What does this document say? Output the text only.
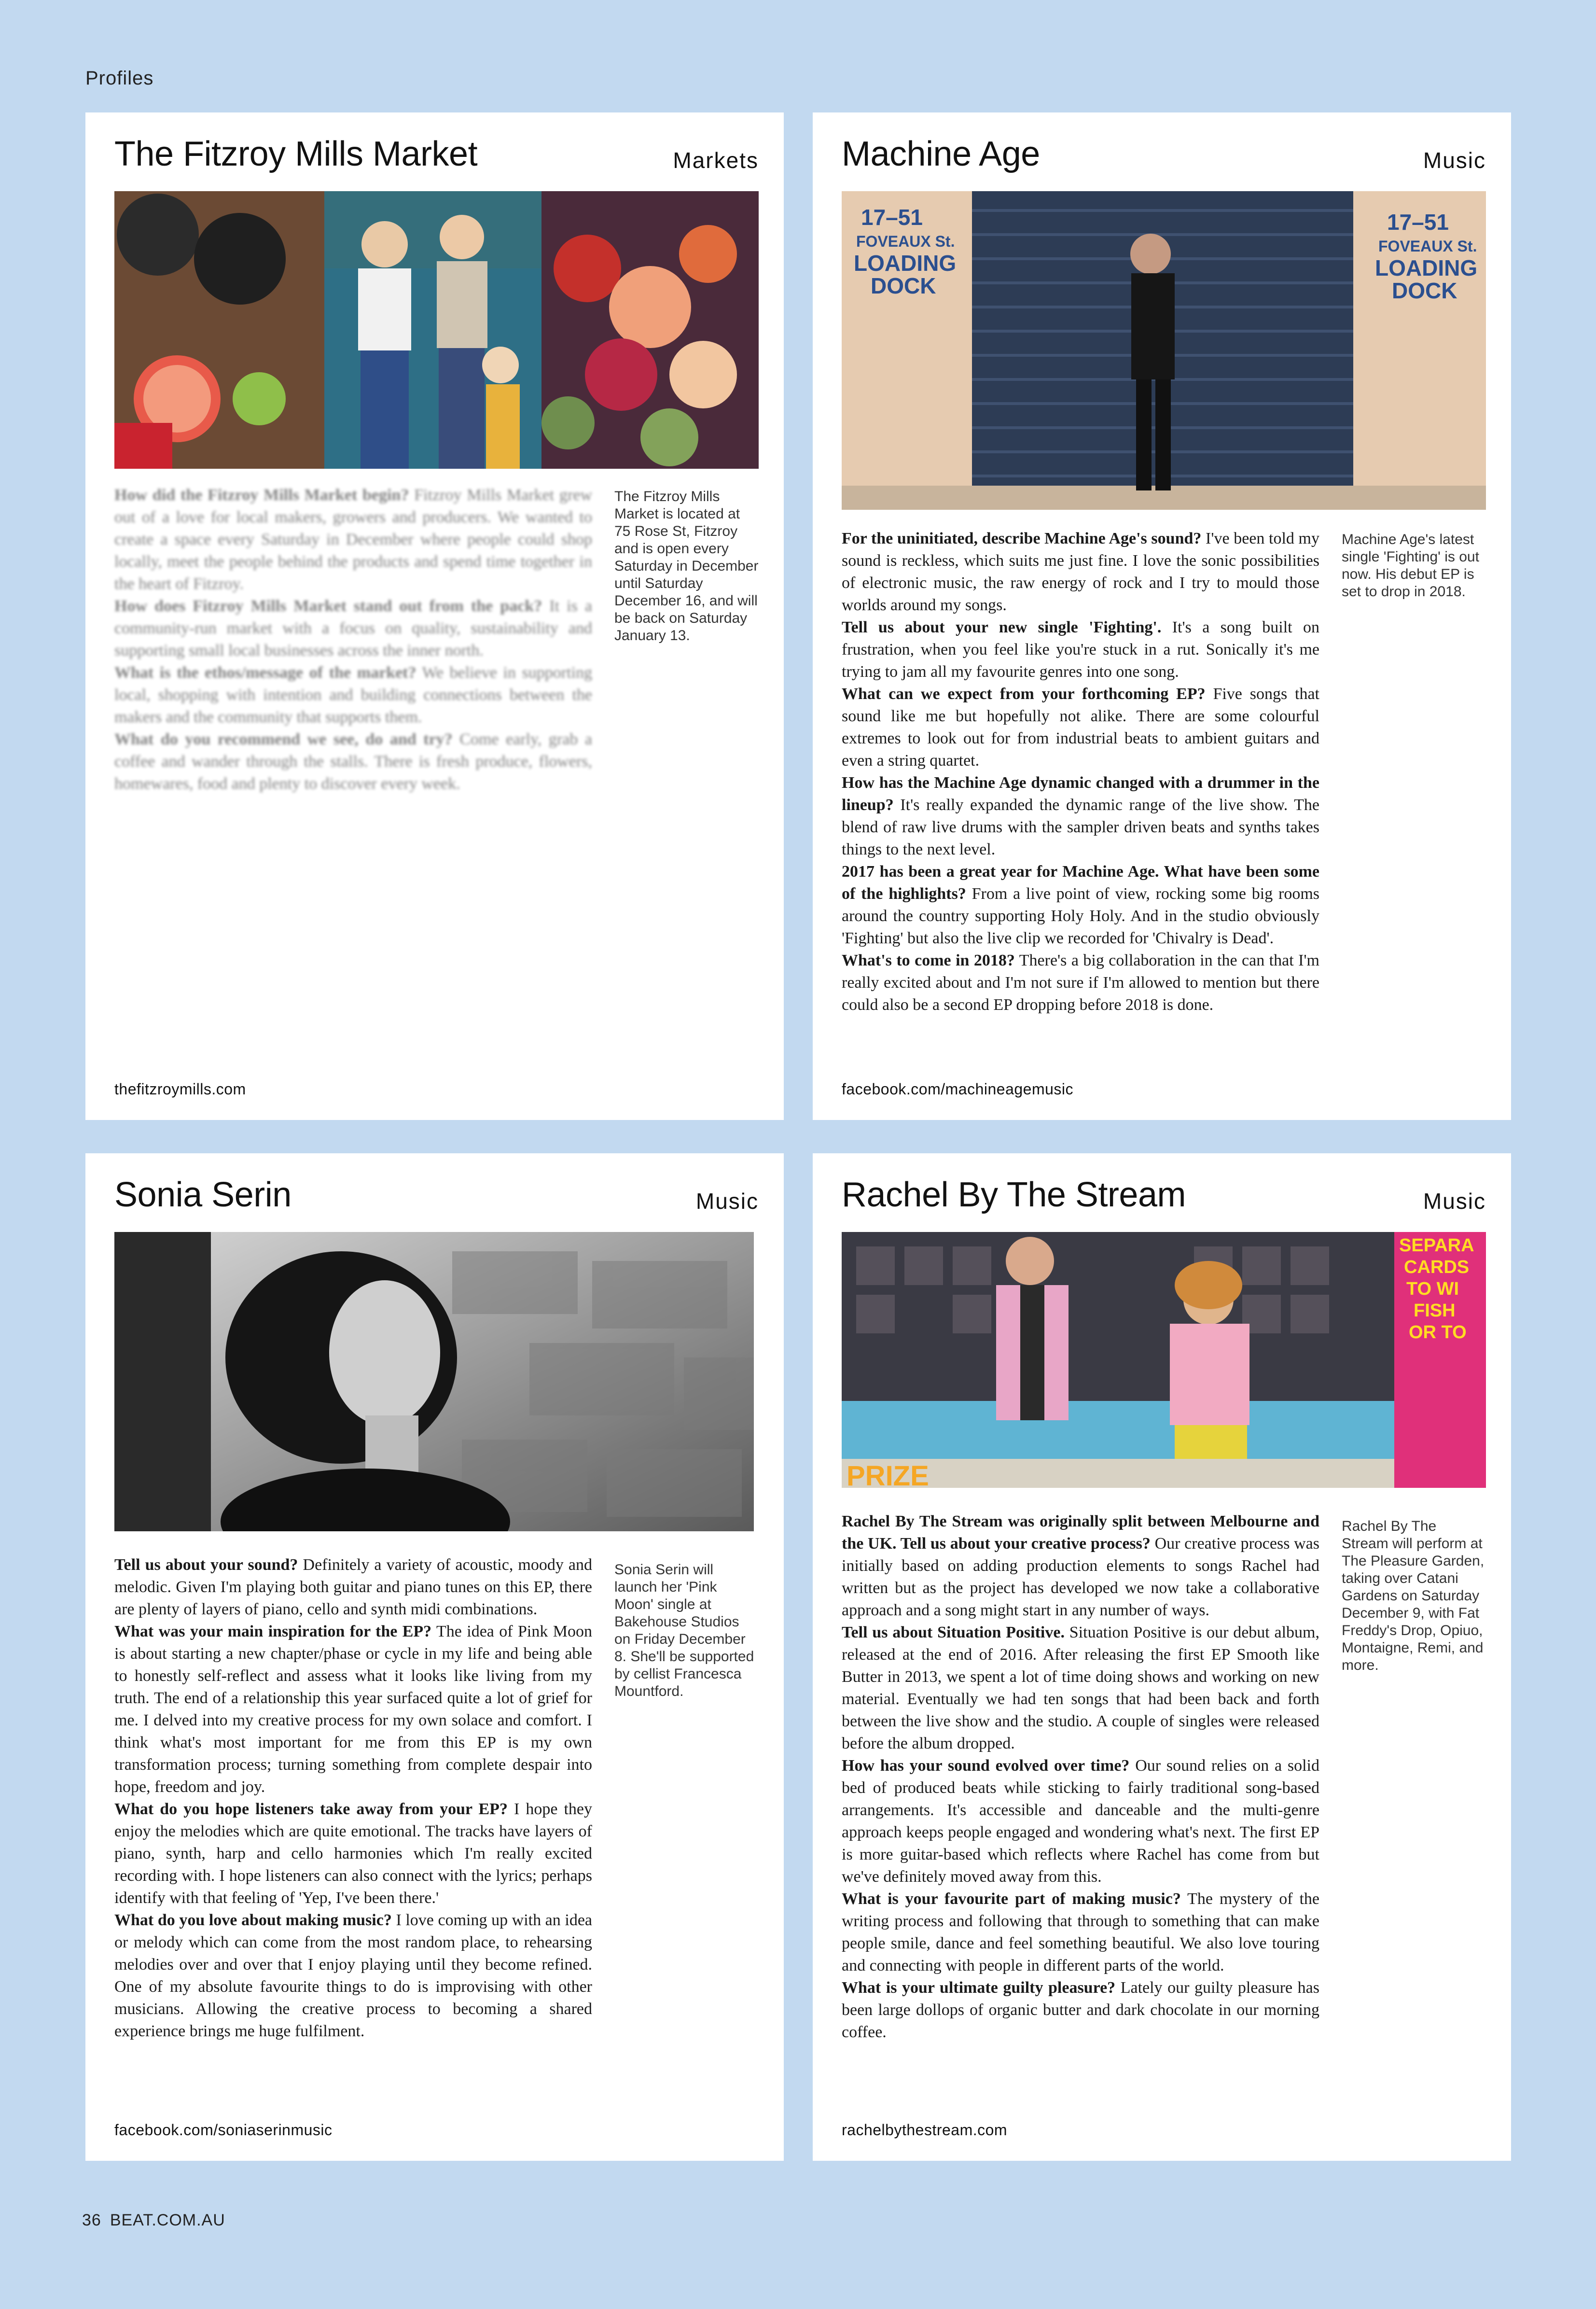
Profiles
The Fitzroy Mills Market	Markets

How did the Fitzroy Mills Market begin? Fitzroy Mills Market grew out of a love for local makers, growers and producers. We wanted to create a space every Saturday in December where people could shop locally, meet the people behind the products and spend time together in the heart of Fitzroy.

How does Fitzroy Mills Market stand out from the pack? It is a community-run market with a focus on quality, sustainability and supporting small local businesses across the inner north.

What is the ethos/message of the market? We believe in supporting local, shopping with intention and building connections between the makers and the community that supports them.

What do you recommend we see, do and try? Come early, grab a coffee and wander through the stalls. There is fresh produce, flowers, homewares, food and plenty to discover every week.

The Fitzroy Mills Market is located at 75 Rose St, Fitzroy and is open every Saturday in December until Saturday December 16, and will be back on Saturday January 13.
thefitzroymills.com
Machine Age	Music
17–51
FOVEAUX St.
LOADING
DOCK
17–51
FOVEAUX St.
LOADING
DOCK

For the uninitiated, describe Machine Age's sound? I've been told my sound is reckless, which suits me just fine. I love the sonic possibilities of electronic music, the raw energy of rock and I try to mould those worlds around my songs.

Tell us about your new single 'Fighting'. It's a song built on frustration, when you feel like you're stuck in a rut. Sonically it's me trying to jam all my favourite genres into one song.

What can we expect from your forthcoming EP? Five songs that sound like me but hopefully not alike. There are some colourful extremes to look out for from industrial beats to ambient guitars and even a string quartet.

How has the Machine Age dynamic changed with a drummer in the lineup? It's really expanded the dynamic range of the live show. The blend of raw live drums with the sampler driven beats and synths takes things to the next level.

2017 has been a great year for Machine Age. What have been some of the highlights? From a live point of view, rocking some big rooms around the country supporting Holy Holy. And in the studio obviously 'Fighting' but also the live clip we recorded for 'Chivalry is Dead'.

What's to come in 2018? There's a big collaboration in the can that I'm really excited about and I'm not sure if I'm allowed to mention but there could also be a second EP dropping before 2018 is done.

Machine Age's latest single 'Fighting' is out now. His debut EP is set to drop in 2018.
facebook.com/machineagemusic
Sonia Serin	Music

Tell us about your sound? Definitely a variety of acoustic, moody and melodic. Given I'm playing both guitar and piano tunes on this EP, there are plenty of layers of piano, cello and synth midi combinations.

What was your main inspiration for the EP? The idea of Pink Moon is about starting a new chapter/phase or cycle in my life and being able to honestly self-reflect and assess what it looks like living from my truth. The end of a relationship this year surfaced quite a lot of grief for me. I delved into my creative process for my own solace and comfort. I think what's most important for me from this EP is my own transformation process; turning something from complete despair into hope, freedom and joy.

What do you hope listeners take away from your EP? I hope they enjoy the melodies which are quite emotional. The tracks have layers of piano, synth, harp and cello harmonies which I'm really excited recording with. I hope listeners can also connect with the lyrics; perhaps identify with that feeling of 'Yep, I've been there.'

What do you love about making music? I love coming up with an idea or melody which can come from the most random place, to rehearsing melodies over and over that I enjoy playing until they become refined. One of my absolute favourite things to do is improvising with other musicians. Allowing the creative process to becoming a shared experience brings me huge fulfilment.

Sonia Serin will launch her 'Pink Moon' single at Bakehouse Studios on Friday December 8. She'll be supported by cellist Francesca Mountford.
facebook.com/soniaserinmusic
Rachel By The Stream	Music
SEPARA
CARDS
TO WI
FISH
OR TO
PRIZE

Rachel By The Stream was originally split between Melbourne and the UK. Tell us about your creative process? Our creative process was initially based on adding production elements to songs Rachel had written but as the project has developed we now take a collaborative approach and a song might start in any number of ways.

Tell us about Situation Positive. Situation Positive is our debut album, released at the end of 2016. After releasing the first EP Smooth like Butter in 2013, we spent a lot of time doing shows and working on new material. Eventually we had ten songs that had been back and forth between the live show and the studio. A couple of singles were released before the album dropped.

How has your sound evolved over time? Our sound relies on a solid bed of produced beats while sticking to fairly traditional song-based arrangements. It's accessible and danceable and the multi-genre approach keeps people engaged and wondering what's next. The first EP is more guitar-based which reflects where Rachel has come from but we've definitely moved away from this.

What is your favourite part of making music? The mystery of the writing process and following that through to something that can make people smile, dance and feel something beautiful. We also love touring and connecting with people in different parts of the world.

What is your ultimate guilty pleasure? Lately our guilty pleasure has been large dollops of organic butter and dark chocolate in our morning coffee.

Rachel By The Stream will perform at The Pleasure Garden, taking over Catani Gardens on Saturday December 9, with Fat Freddy's Drop, Opiuo, Montaigne, Remi, and more.
rachelbythestream.com
36 BEAT.COM.AU
